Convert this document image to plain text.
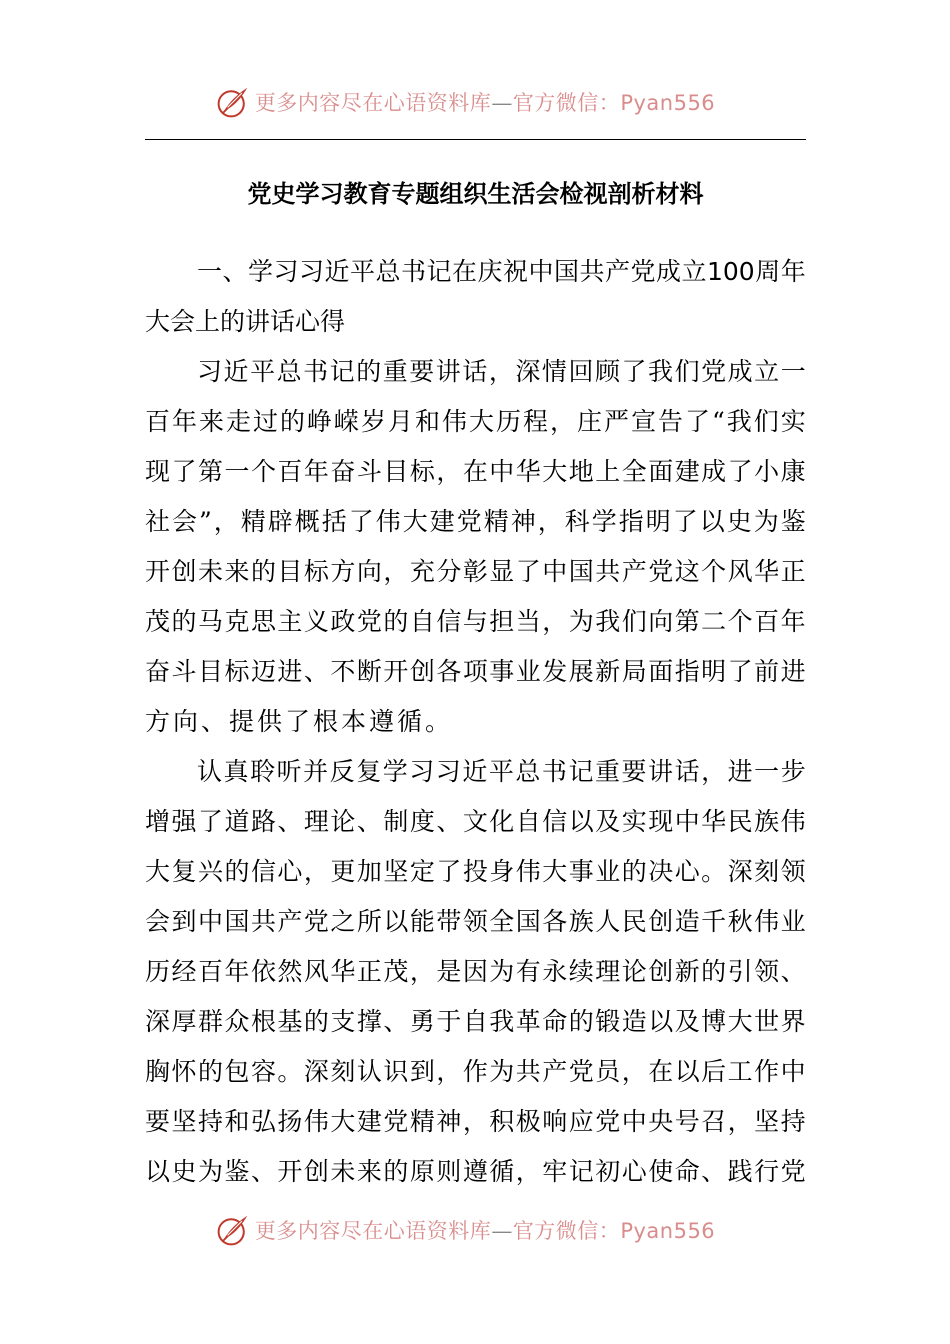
更多内容尽在心语资料库—官方微信：Pyan556
党史学习教育专题组织生活会检视剖析材料
一 、 学 习 习 近 平 总 书 记 在 庆 祝 中 国 共 产 党 成 立 100 周 年
大会上的讲话心得
习 近 平 总 书 记 的 重 要 讲 话 ， 深 情 回 顾 了 我 们 党 成 立 一
百 年 来 走 过 的 峥 嵘 岁 月 和 伟 大 历 程 ， 庄 严 宣 告 了 “ 我 们 实
现 了 第 一 个 百 年 奋 斗 目 标 ， 在 中 华 大 地 上 全 面 建 成 了 小 康
社 会 ” ， 精 辟 概 括 了 伟 大 建 党 精 神 ， 科 学 指 明 了 以 史 为 鉴
开 创 未 来 的 目 标 方 向 ， 充 分 彰 显 了 中 国 共 产 党 这 个 风 华 正
茂 的 马 克 思 主 义 政 党 的 自 信 与 担 当 ， 为 我 们 向 第 二 个 百 年
奋 斗 目 标 迈 进 、 不 断 开 创 各 项 事 业 发 展 新 局 面 指 明 了 前 进
方向、提供了根本遵循。
认 真 聆 听 并 反 复 学 习 习 近 平 总 书 记 重 要 讲 话 ， 进 一 步
增 强 了 道 路 、 理 论 、 制 度 、 文 化 自 信 以 及 实 现 中 华 民 族 伟
大 复 兴 的 信 心 ， 更 加 坚 定 了 投 身 伟 大 事 业 的 决 心 。 深 刻 领
会 到 中 国 共 产 党 之 所 以 能 带 领 全 国 各 族 人 民 创 造 千 秋 伟 业
历 经 百 年 依 然 风 华 正 茂 ， 是 因 为 有 永 续 理 论 创 新 的 引 领 、
深 厚 群 众 根 基 的 支 撑 、 勇 于 自 我 革 命 的 锻 造 以 及 博 大 世 界
胸 怀 的 包 容 。 深 刻 认 识 到 ， 作 为 共 产 党 员 ， 在 以 后 工 作 中
要 坚 持 和 弘 扬 伟 大 建 党 精 神 ， 积 极 响 应 党 中 央 号 召 ， 坚 持
以 史 为 鉴 、 开 创 未 来 的 原 则 遵 循 ， 牢 记 初 心 使 命 、 践 行 党
更多内容尽在心语资料库—官方微信：Pyan556
